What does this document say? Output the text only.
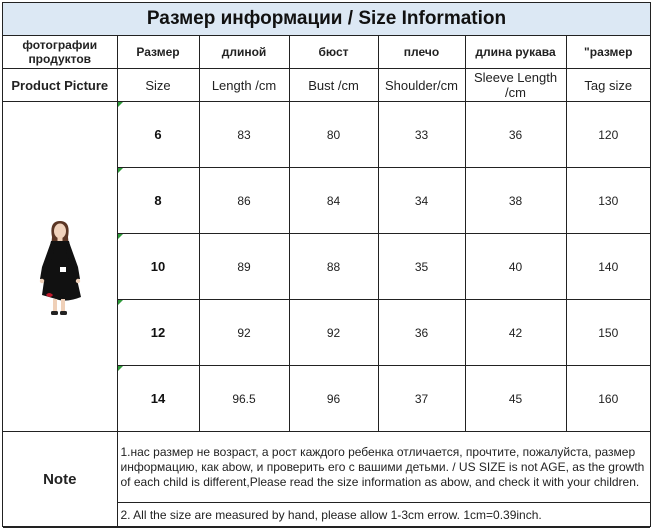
Размер информации / Size Information
фотографии продуктов	Размер	длиной	бюст	плечо	длина рукава	"размер
Product Picture	Size	Length /cm	Bust /cm	Shoulder/cm	Sleeve Length /cm	Tag size

	6	83	80	33	36	120
	8	86	84	34	38	130
	10	89	88	35	40	140
	12	92	92	36	42	150
	14	96.5	96	37	45	160
Note	1.нас размер не возраст, а рост каждого ребенка отличается, прочтите, пожалуйста, размер информацию, как abow, и проверить его с вашими детьми. / US SIZE is not AGE, as the growth of each child is different,Please read the size information as abow, and check it with your children.					
	2. All the size are measured by hand, please allow 1-3cm errow. 1cm=0.39inch.					
